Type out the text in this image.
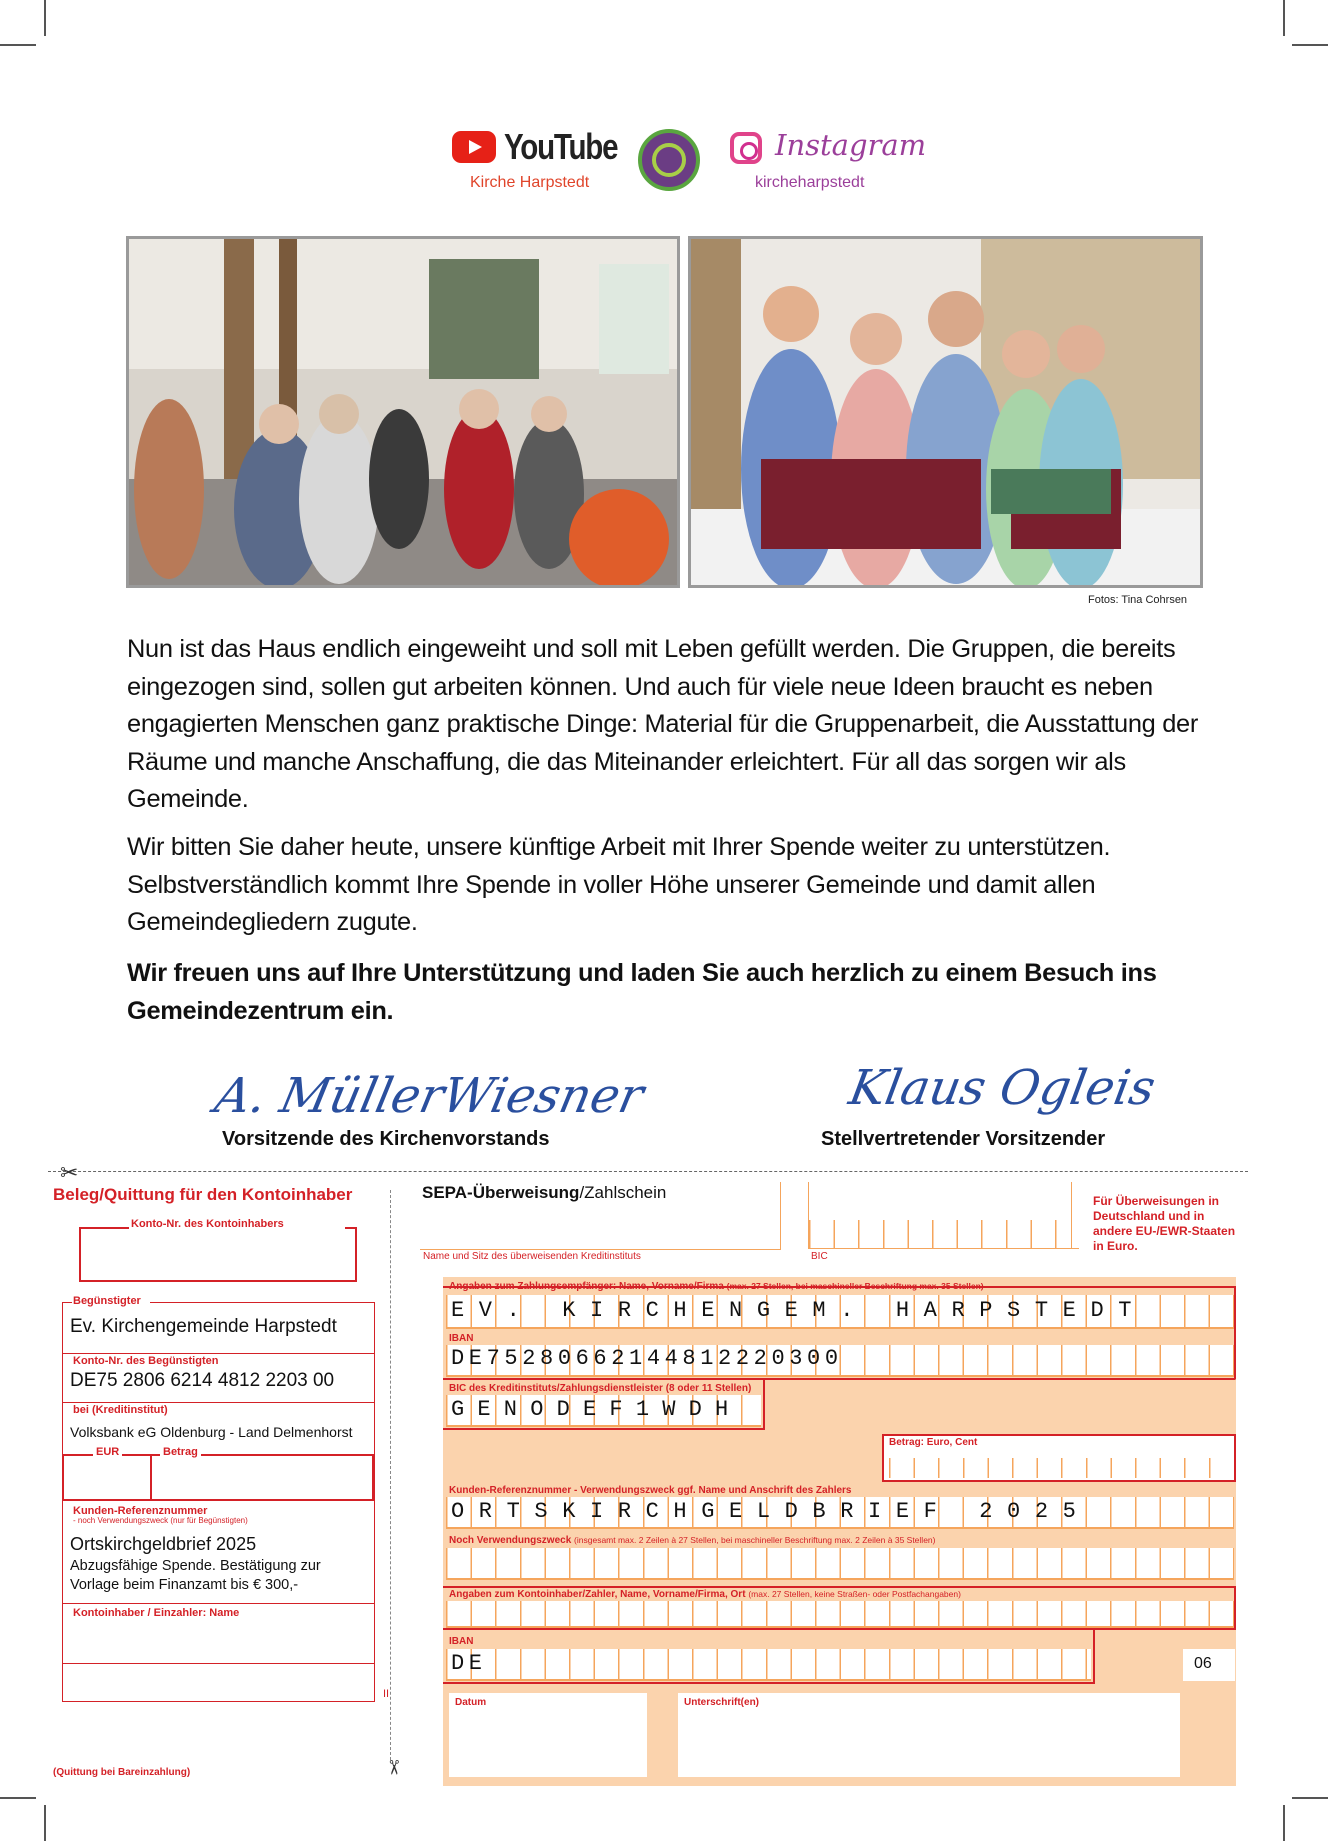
YouTube
Kirche Harpstedt
Instagram
kircheharpstedt
Fotos: Tina Cohrsen
Nun ist das Haus endlich eingeweiht und soll mit Leben gefüllt werden. Die Gruppen, die bereits eingezogen sind, sollen gut arbeiten können. Und auch für viele neue Ideen braucht es neben engagierten Menschen ganz praktische Dinge: Material für die Gruppenarbeit, die Ausstattung der Räume und manche Anschaffung, die das Miteinander erleichtert. Für all das sorgen wir als Gemeinde.
Wir bitten Sie daher heute, unsere künftige Arbeit mit Ihrer Spende weiter zu unterstützen. Selbstverständlich kommt Ihre Spende in voller Höhe unserer Gemeinde und damit allen Gemeindegliedern zugute.
Wir freuen uns auf Ihre Unterstützung und laden Sie auch herzlich zu einem Besuch ins Gemeindezentrum ein.
A. MüllerWiesner
Vorsitzende des Kirchenvorstands
Klaus Ogleis
Stellvertretender Vorsitzender
✂
Beleg/Quittung für den Kontoinhaber
Konto-Nr. des Kontoinhabers
Begünstigter
Ev. Kirchengemeinde Harpstedt
Konto-Nr. des Begünstigten
DE75 2806 6214 4812 2203 00
bei (Kreditinstitut)
Volksbank eG Oldenburg - Land Delmenhorst
EUR	Betrag
Kunden-Referenznummer
- noch Verwendungszweck (nur für Begünstigten)
Ortskirchgeldbrief 2025
Abzugsfähige Spende. Bestätigung zur Vorlage beim Finanzamt bis € 300,-
Kontoinhaber / Einzahler: Name
(Quittung bei Bareinzahlung)
II
✂
SEPA-Überweisung/Zahlschein
Name und Sitz des überweisenden Kreditinstituts	BIC
Für Überweisungen in Deutschland und in andere EU-/EWR-Staaten in Euro.
Angaben zum Zahlungsempfänger: Name, Vorname/Firma (max. 27 Stellen, bei maschineller Beschriftung max. 35 Stellen)
EV. KIRCHENGEM. HARPSTEDT
IBAN
DE75280662144812220300
BIC des Kreditinstituts/Zahlungsdienstleister (8 oder 11 Stellen)
GENODEF1WDH
Betrag: Euro, Cent
Kunden-Referenznummer - Verwendungszweck ggf. Name und Anschrift des Zahlers
ORTSKIRCHGELDBRIEF 2025
Noch Verwendungszweck (insgesamt max. 2 Zeilen à 27 Stellen, bei maschineller Beschriftung max. 2 Zeilen à 35 Stellen)
Angaben zum Kontoinhaber/Zahler, Name, Vorname/Firma, Ort (max. 27 Stellen, keine Straßen- oder Postfachangaben)
IBAN
DE	06
Datum	Unterschrift(en)
